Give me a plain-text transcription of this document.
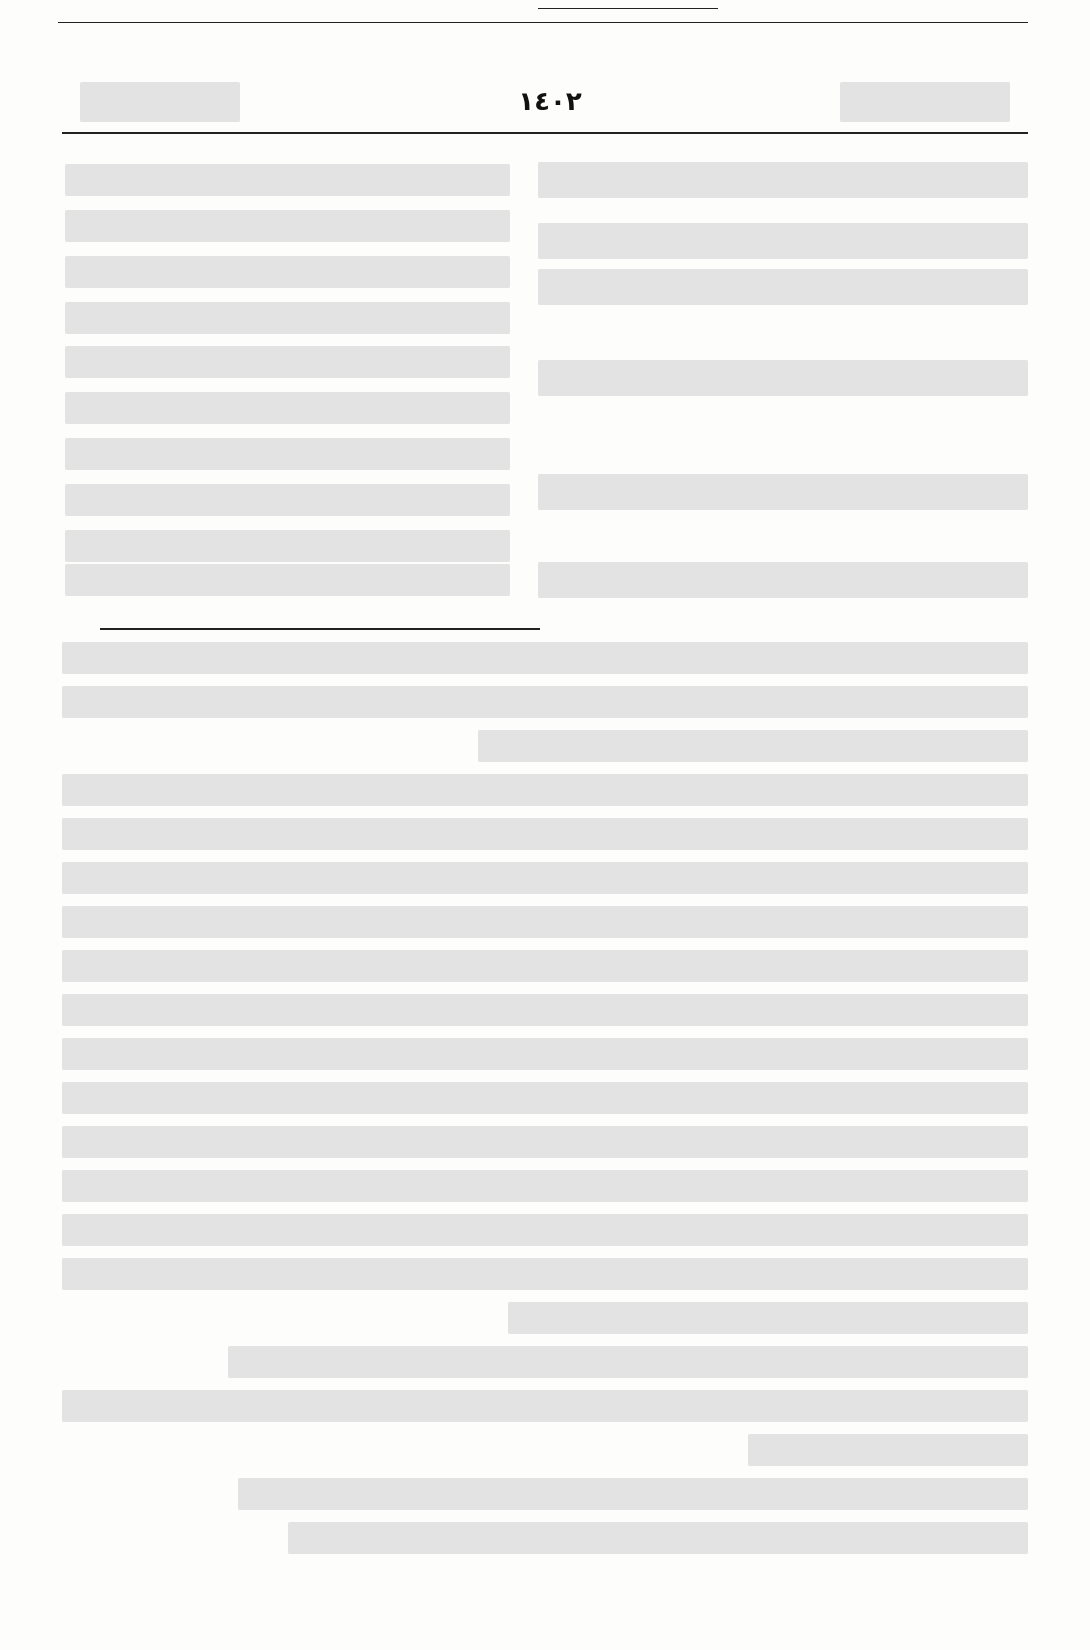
١٤٠٢
